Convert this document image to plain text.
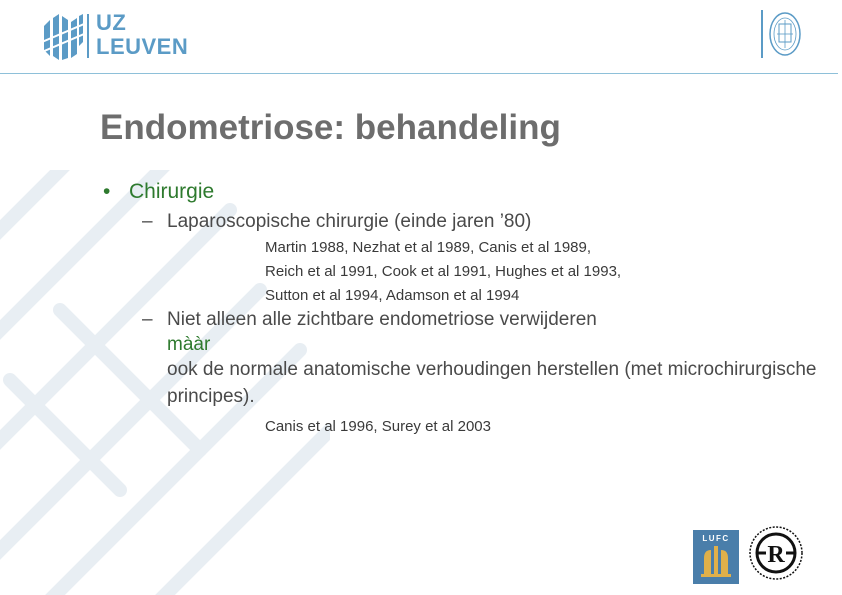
UZ
LEUVEN
Endometriose: behandeling
• Chirurgie
– Laparoscopische chirurgie (einde jaren ’80)
Martin 1988, Nezhat et al 1989, Canis et al 1989,
Reich et al 1991, Cook et al 1991, Hughes et al 1993,
Sutton et al 1994, Adamson et al 1994
– Niet alleen alle zichtbare endometriose verwijderen
mààr
ook de normale anatomische verhoudingen herstellen (met microchirurgische principes).
Canis et al 1996, Surey et al 2003
LUFC
R
